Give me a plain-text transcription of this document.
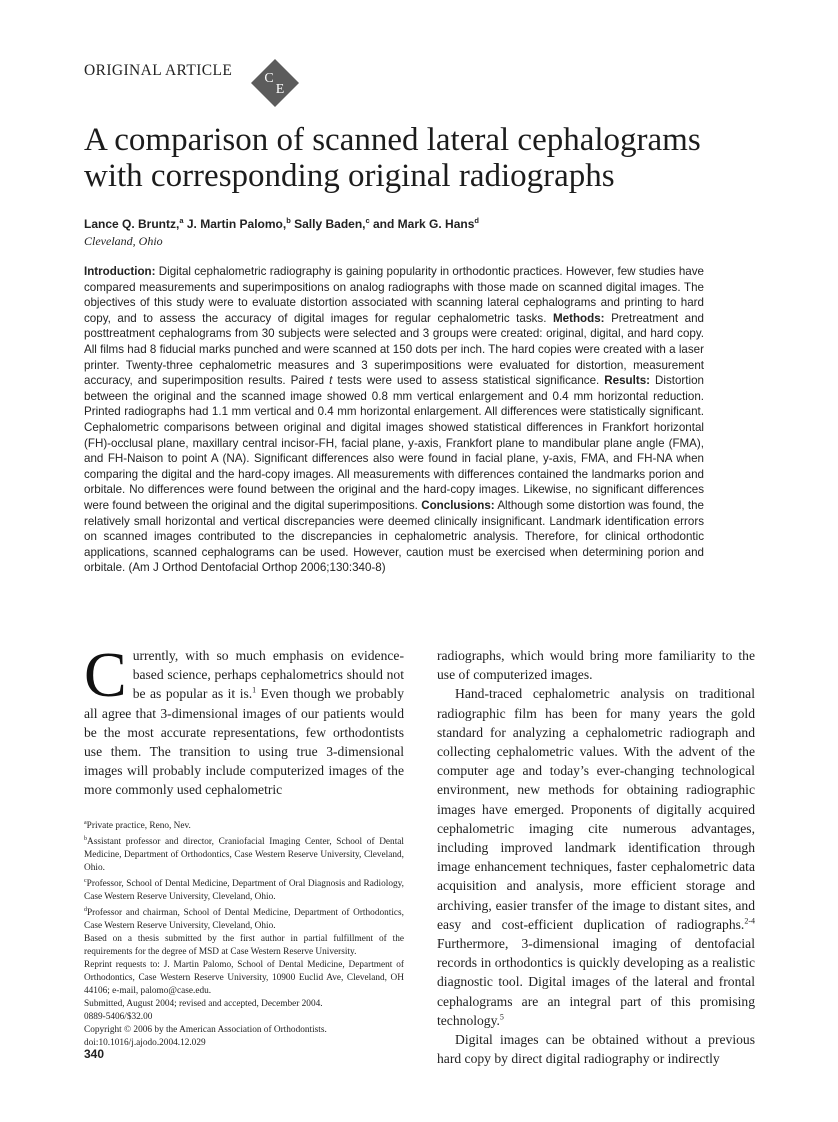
ORIGINAL ARTICLE C
E
A comparison of scanned lateral cephalograms
with corresponding original radiographs
Lance Q. Bruntz,$^a$ J. Martin Palomo,$^b$ Sally Baden,$^c$ and Mark G. Hans$^d$
Cleveland, Ohio

Introduction: Digital cephalometric radiography is gaining popularity in orthodontic practices. However, few studies have compared measurements and superimpositions on analog radiographs with those made on scanned digital images. The objectives of this study were to evaluate distortion associated with scanning lateral cephalograms and printing to hard copy, and to assess the accuracy of digital images for regular cephalometric tasks. Methods: Pretreatment and posttreatment cephalograms from 30 subjects were selected and 3 groups were created: original, digital, and hard copy. All films had 8 fiducial marks punched and were scanned at 150 dots per inch. The hard copies were created with a laser printer. Twenty-three cephalometric measures and 3 superimpositions were evaluated for distortion, measurement accuracy, and superimposition results. Paired t tests were used to assess statistical significance. Results: Distortion between the original and the scanned image showed 0.8 mm vertical enlargement and 0.4 mm horizontal reduction. Printed radiographs had 1.1 mm vertical and 0.4 mm horizontal enlargement. All differences were statistically significant. Cephalometric comparisons between original and digital images showed statistical differences in Frankfort horizontal (FH)-occlusal plane, maxillary central incisor-FH, facial plane, y-axis, Frankfort plane to mandibular plane angle (FMA), and FH-Naison to point A (NA). Significant differences also were found in facial plane, y-axis, FMA, and FH-NA when comparing the digital and the hard-copy images. All measurements with differences contained the landmarks porion and orbitale. No differences were found between the original and the hard-copy images. Likewise, no significant differences were found between the original and the digital superimpositions. Conclusions: Although some distortion was found, the relatively small horizontal and vertical discrepancies were deemed clinically insignificant. Landmark identification errors on scanned images contributed to the discrepancies in cephalometric analysis. Therefore, for clinical orthodontic applications, scanned cephalograms can be used. However, caution must be exercised when determining porion and orbitale. (Am J Orthod Dentofacial Orthop 2006;130:340-8)

Currently, with so much emphasis on evidence-based science, perhaps cephalometrics should not be as popular as it is.$^1$ Even though we probably all agree that 3-dimensional images of our patients would be the most accurate representations, few orthodontists use them. The transition to using true 3-dimensional images will probably include computerized images of the more commonly used cephalometric

radiographs, which would bring more familiarity to the use of computerized images.

Hand-traced cephalometric analysis on traditional radiographic film has been for many years the gold standard for analyzing a cephalometric radiograph and collecting cephalometric values. With the advent of the computer age and today’s ever-changing technological environment, new methods for obtaining radiographic images have emerged. Proponents of digitally acquired cephalometric imaging cite numerous advantages, including improved landmark identification through image enhancement techniques, faster cephalometric data acquisition and analysis, more efficient storage and archiving, easier transfer of the image to distant sites, and easy and cost-efficient duplication of radiographs.$^{2-4}$ Furthermore, 3-dimensional imaging of dentofacial records in orthodontics is quickly developing as a realistic diagnostic tool. Digital images of the lateral and frontal cephalograms are an integral part of this promising technology.$^5$

Digital images can be obtained without a previous hard copy by direct digital radiography or indirectly

$^a$Private practice, Reno, Nev.
$^b$Assistant professor and director, Craniofacial Imaging Center, School of Dental Medicine, Department of Orthodontics, Case Western Reserve University, Cleveland, Ohio.
$^c$Professor, School of Dental Medicine, Department of Oral Diagnosis and Radiology, Case Western Reserve University, Cleveland, Ohio.
$^d$Professor and chairman, School of Dental Medicine, Department of Orthodontics, Case Western Reserve University, Cleveland, Ohio.
Based on a thesis submitted by the first author in partial fulfillment of the requirements for the degree of MSD at Case Western Reserve University.
Reprint requests to: J. Martin Palomo, School of Dental Medicine, Department of Orthodontics, Case Western Reserve University, 10900 Euclid Ave, Cleveland, OH 44106; e-mail, palomo@case.edu.
Submitted, August 2004; revised and accepted, December 2004.
0889-5406/$32.00
Copyright © 2006 by the American Association of Orthodontists.
doi:10.1016/j.ajodo.2004.12.029
340
